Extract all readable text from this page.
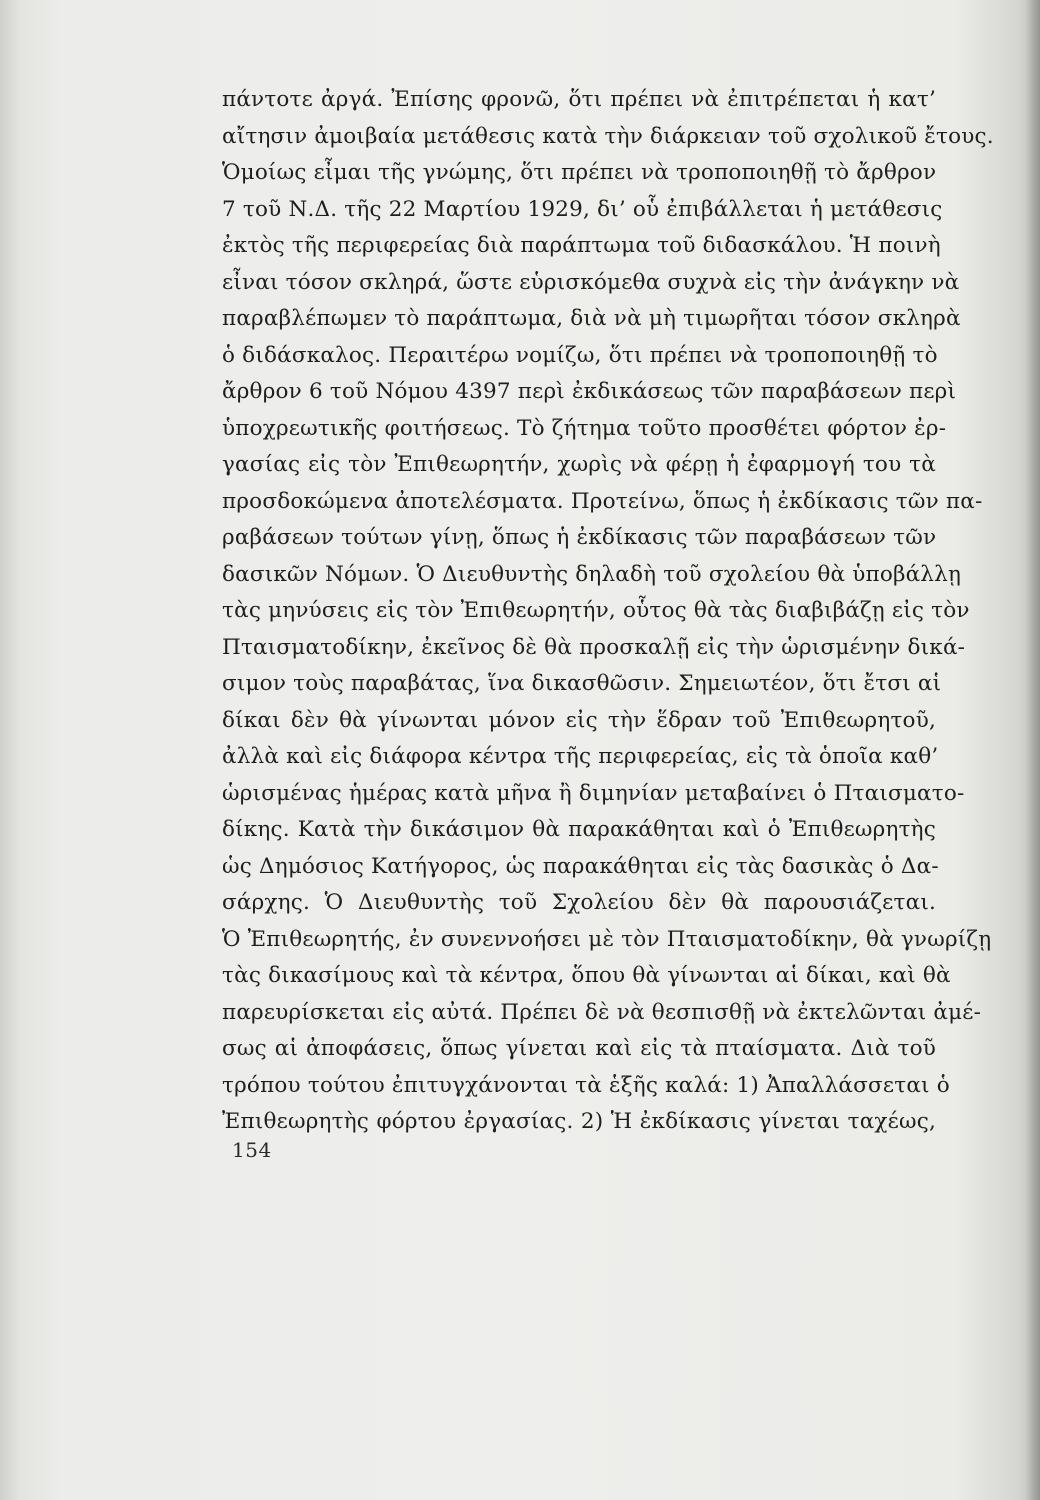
πάντοτε ἀργά. Ἐπίσης φρονῶ, ὅτι πρέπει νὰ ἐπιτρέπεται ἡ κατ’
αἴτησιν ἀμοιβαία μετάθεσις κατὰ τὴν διάρκειαν τοῦ σχολικοῦ ἔτους.
Ὁμοίως εἶμαι τῆς γνώμης, ὅτι πρέπει νὰ τροποποιηθῇ τὸ ἄρθρον
7 τοῦ Ν.Δ. τῆς 22 Μαρτίου 1929, δι’ οὗ ἐπιβάλλεται ἡ μετάθεσις
ἐκτὸς τῆς περιφερείας διὰ παράπτωμα τοῦ διδασκάλου. Ἡ ποινὴ
εἶναι τόσον σκληρά, ὥστε εὑρισκόμεθα συχνὰ εἰς τὴν ἀνάγκην νὰ
παραβλέπωμεν τὸ παράπτωμα, διὰ νὰ μὴ τιμωρῆται τόσον σκληρὰ
ὁ διδάσκαλος. Περαιτέρω νομίζω, ὅτι πρέπει νὰ τροποποιηθῇ τὸ
ἄρθρον 6 τοῦ Νόμου 4397 περὶ ἐκδικάσεως τῶν παραβάσεων περὶ
ὑποχρεωτικῆς φοιτήσεως. Τὸ ζήτημα τοῦτο προσθέτει φόρτον ἐρ-
γασίας εἰς τὸν Ἐπιθεωρητήν, χωρὶς νὰ φέρῃ ἡ ἐφαρμογή του τὰ
προσδοκώμενα ἀποτελέσματα. Προτείνω, ὅπως ἡ ἐκδίκασις τῶν πα-
ραβάσεων τούτων γίνῃ, ὅπως ἡ ἐκδίκασις τῶν παραβάσεων τῶν
δασικῶν Νόμων. Ὁ Διευθυντὴς δηλαδὴ τοῦ σχολείου θὰ ὑποβάλλῃ
τὰς μηνύσεις εἰς τὸν Ἐπιθεωρητήν, οὗτος θὰ τὰς διαβιβάζῃ εἰς τὸν
Πταισματοδίκην, ἐκεῖνος δὲ θὰ προσκαλῇ εἰς τὴν ὡρισμένην δικά-
σιμον τοὺς παραβάτας, ἵνα δικασθῶσιν. Σημειωτέον, ὅτι ἔτσι αἱ
δίκαι δὲν θὰ γίνωνται μόνον εἰς τὴν ἕδραν τοῦ Ἐπιθεωρητοῦ,
ἀλλὰ καὶ εἰς διάφορα κέντρα τῆς περιφερείας, εἰς τὰ ὁποῖα καθ’
ὡρισμένας ἡμέρας κατὰ μῆνα ἢ διμηνίαν μεταβαίνει ὁ Πταισματο-
δίκης. Κατὰ τὴν δικάσιμον θὰ παρακάθηται καὶ ὁ Ἐπιθεωρητὴς
ὡς Δημόσιος Κατήγορος, ὡς παρακάθηται εἰς τὰς δασικὰς ὁ Δα-
σάρχης. Ὁ Διευθυντὴς τοῦ Σχολείου δὲν θὰ παρουσιάζεται.
Ὁ Ἐπιθεωρητής, ἐν συνεννοήσει μὲ τὸν Πταισματοδίκην, θὰ γνωρίζῃ
τὰς δικασίμους καὶ τὰ κέντρα, ὅπου θὰ γίνωνται αἱ δίκαι, καὶ θὰ
παρευρίσκεται εἰς αὐτά. Πρέπει δὲ νὰ θεσπισθῇ νὰ ἐκτελῶνται ἀμέ-
σως αἱ ἀποφάσεις, ὅπως γίνεται καὶ εἰς τὰ πταίσματα. Διὰ τοῦ
τρόπου τούτου ἐπιτυγχάνονται τὰ ἑξῆς καλά: 1) Ἀπαλλάσσεται ὁ
Ἐπιθεωρητὴς φόρτου ἐργασίας. 2) Ἡ ἐκδίκασις γίνεται ταχέως,
154
